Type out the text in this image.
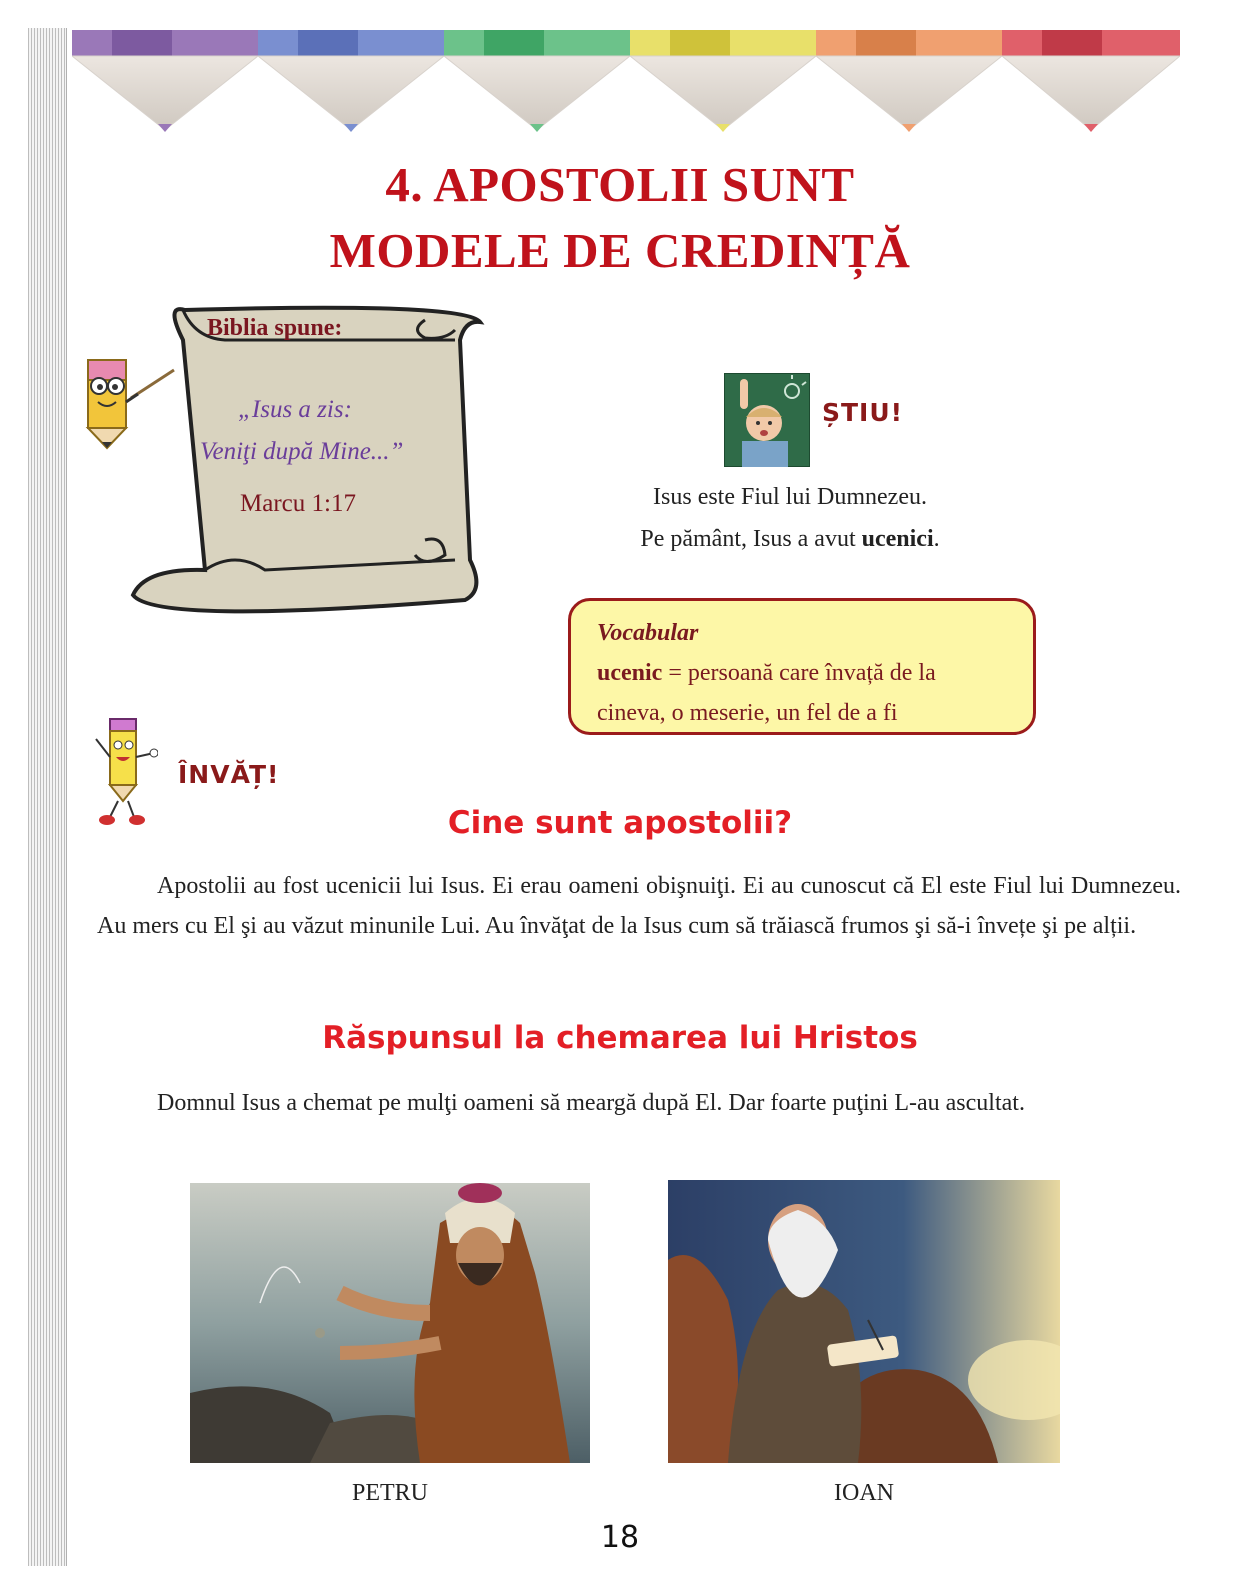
4. APOSTOLII SUNT
MODELE DE CREDINȚĂ
Biblia spune:
„Isus a zis:
Veniţi după Mine...”
Marcu 1:17
ȘTIU!
Isus este Fiul lui Dumnezeu.
Pe pământ, Isus a avut ucenici.
Vocabular
ucenic = persoană care învață de la
cineva, o meserie, un fel de a fi
ÎNVĂȚ!
Cine sunt apostolii?
Apostolii au fost ucenicii lui Isus. Ei erau oameni obişnuiţi. Ei au cunoscut că El este Fiul lui Dumnezeu. Au mers cu El şi au văzut minunile Lui. Au învăţat de la Isus cum să trăiască frumos şi să-i învețe şi pe alții.
Răspunsul la chemarea lui Hristos
Domnul Isus a chemat pe mulţi oameni să meargă după El. Dar foarte puţini L-au ascultat.
PETRU	IOAN
18
